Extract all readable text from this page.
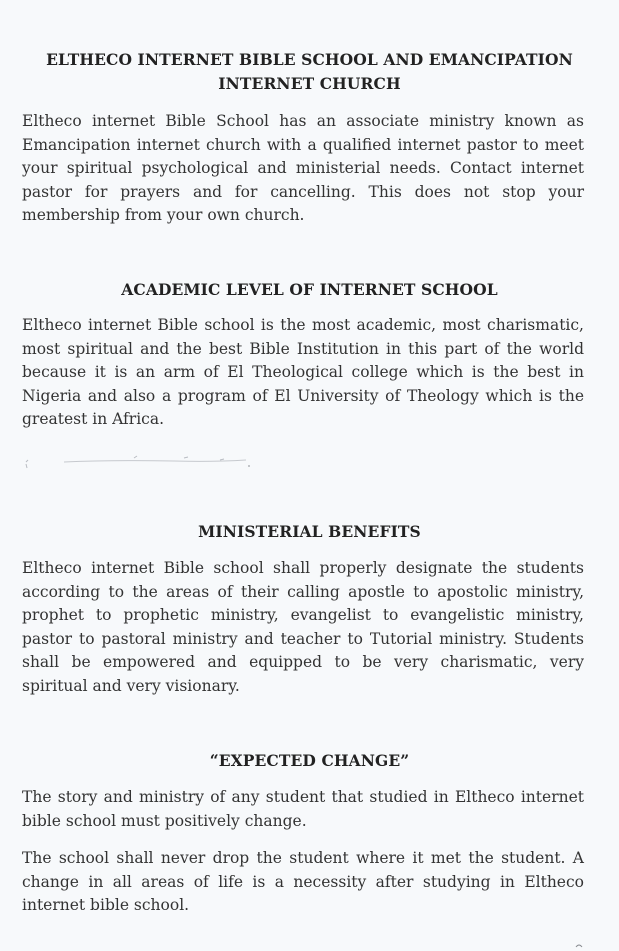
ELTHECO INTERNET BIBLE SCHOOL AND EMANCIPATION
INTERNET CHURCH

Eltheco internet Bible School has an associate ministry known as Emancipation internet church with a qualified internet pastor to meet your spiritual psychological and ministerial needs. Contact internet pastor for prayers and for cancelling. This does not stop your membership from your own church.

ACADEMIC LEVEL OF INTERNET SCHOOL

Eltheco internet Bible school is the most academic, most charismatic, most spiritual and the best Bible Institution in this part of the world because it is an arm of El Theological college which is the best in Nigeria and also a program of El University of Theology which is the greatest in Africa.

MINISTERIAL BENEFITS

Eltheco internet Bible school shall properly designate the students according to the areas of their calling apostle to apostolic ministry, prophet to prophetic ministry, evangelist to evangelistic ministry, pastor to pastoral ministry and teacher to Tutorial ministry. Students shall be empowered and equipped to be very charismatic, very spiritual and very visionary.

“EXPECTED CHANGE”

The story and ministry of any student that studied in Eltheco internet bible school must positively change.

The school shall never drop the student where it met the student. A change in all areas of life is a necessity after studying in Eltheco internet bible school.
